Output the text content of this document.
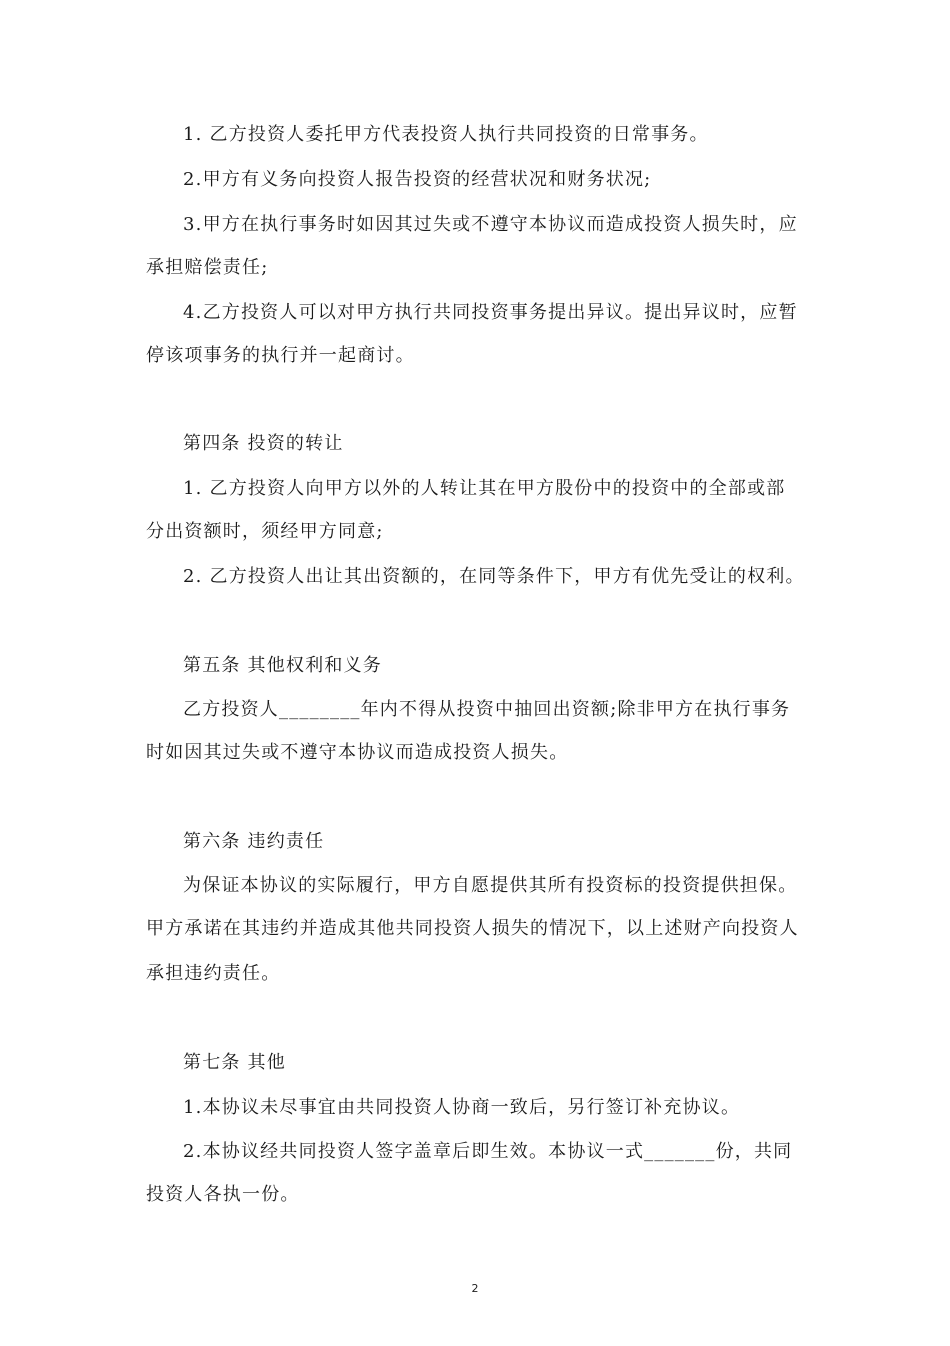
1. 乙方投资人委托甲方代表投资人执行共同投资的日常事务。
2.甲方有义务向投资人报告投资的经营状况和财务状况;
3.甲方在执行事务时如因其过失或不遵守本协议而造成投资人损失时，应
承担赔偿责任;
4.乙方投资人可以对甲方执行共同投资事务提出异议。提出异议时，应暂
停该项事务的执行并一起商讨。
第四条 投资的转让
1. 乙方投资人向甲方以外的人转让其在甲方股份中的投资中的全部或部
分出资额时，须经甲方同意;
2. 乙方投资人出让其出资额的，在同等条件下，甲方有优先受让的权利。
第五条 其他权利和义务
乙方投资人________年内不得从投资中抽回出资额;除非甲方在执行事务
时如因其过失或不遵守本协议而造成投资人损失。
第六条 违约责任
为保证本协议的实际履行，甲方自愿提供其所有投资标的投资提供担保。
甲方承诺在其违约并造成其他共同投资人损失的情况下，以上述财产向投资人
承担违约责任。
第七条 其他
1.本协议未尽事宜由共同投资人协商一致后，另行签订补充协议。
2.本协议经共同投资人签字盖章后即生效。本协议一式_______份，共同
投资人各执一份。
2
